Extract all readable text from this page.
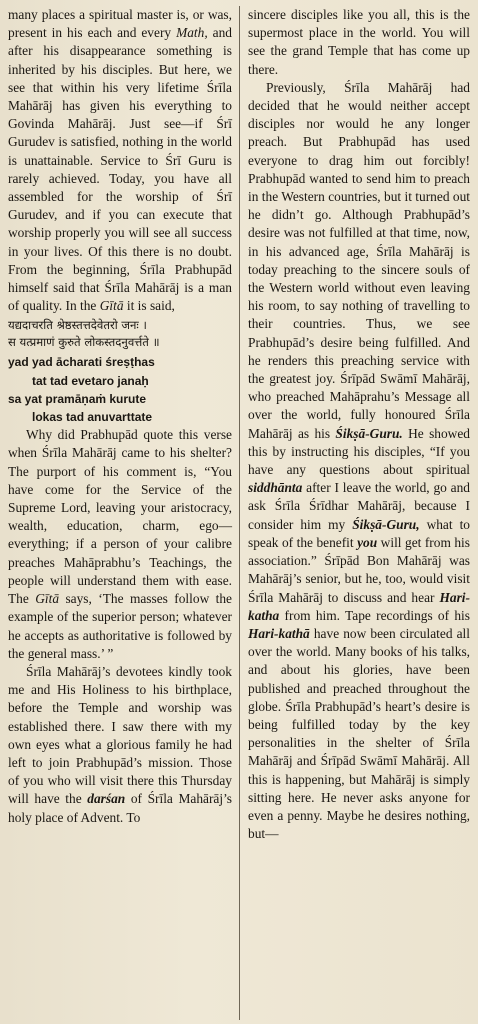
many places a spiritual master is, or was, present in his each and every Math, and after his disappearance something is inherited by his disciples. But here, we see that within his very lifetime Śrīla Mahārāj has given his everything to Govinda Mahārāj. Just see—if Śrī Gurudev is satisfied, nothing in the world is unattainable. Service to Śrī Guru is rarely achieved. Today, you have all assembled for the worship of Śrī Gurudev, and if you can execute that worship properly you will see all success in your lives. Of this there is no doubt. From the beginning, Śrīla Prabhupād himself said that Śrīla Mahārāj is a man of quality. In the Gītā it is said,

यद्यदाचरति श्रेष्ठस्तत्तदेवेतरो जनः ।
स यत्प्रमाणं कुरुते लोकस्तदनुवर्त्तते ॥
yad yad ācharati śreṣṭhas
tat tad evetaro janaḥ
sa yat pramāṇaṁ kurute
lokas tad anuvarttate

Why did Prabhupād quote this verse when Śrīla Mahārāj came to his shelter? The purport of his comment is, “You have come for the Service of the Supreme Lord, leaving your aristocracy, wealth, education, charm, ego—everything; if a person of your calibre preaches Mahāprabhu’s Teachings, the people will understand them with ease. The Gītā says, ‘The masses follow the example of the superior person; whatever he accepts as authoritative is followed by the general mass.’ ”

Śrīla Mahārāj’s devotees kindly took me and His Holiness to his birthplace, before the Temple and worship was established there. I saw there with my own eyes what a glorious family he had left to join Prabhupād’s mission. Those of you who will visit there this Thursday will have the darśan of Śrīla Mahārāj’s holy place of Advent. To

sincere disciples like you all, this is the supermost place in the world. You will see the grand Temple that has come up there.

Previously, Śrīla Mahārāj had decided that he would neither accept disciples nor would he any longer preach. But Prabhupād has used everyone to drag him out forcibly! Prabhupād wanted to send him to preach in the Western countries, but it turned out he didn’t go. Although Prabhupād’s desire was not fulfilled at that time, now, in his advanced age, Śrīla Mahārāj is today preaching to the sincere souls of the Western world without even leaving his room, to say nothing of travelling to their countries. Thus, we see Prabhupād’s desire being fulfilled. And he renders this preaching service with the greatest joy. Śrīpād Swāmī Mahārāj, who preached Mahāprahu’s Message all over the world, fully honoured Śrīla Mahārāj as his Śikṣā-Guru. He showed this by instructing his disciples, “If you have any questions about spiritual siddhānta after I leave the world, go and ask Śrīla Śrīdhar Mahārāj, because I consider him my Śikṣā-Guru, what to speak of the benefit you will get from his association.” Śrīpād Bon Mahārāj was Mahārāj’s senior, but he, too, would visit Śrīla Mahārāj to discuss and hear Hari-katha from him. Tape recordings of his Hari-kathā have now been circulated all over the world. Many books of his talks, and about his glories, have been published and preached throughout the globe. Śrīla Prabhupād’s heart’s desire is being fulfilled today by the key personalities in the shelter of Śrīla Mahārāj and Śrīpād Swāmī Mahārāj. All this is happening, but Mahārāj is simply sitting here. He never asks anyone for even a penny. Maybe he desires nothing, but—
